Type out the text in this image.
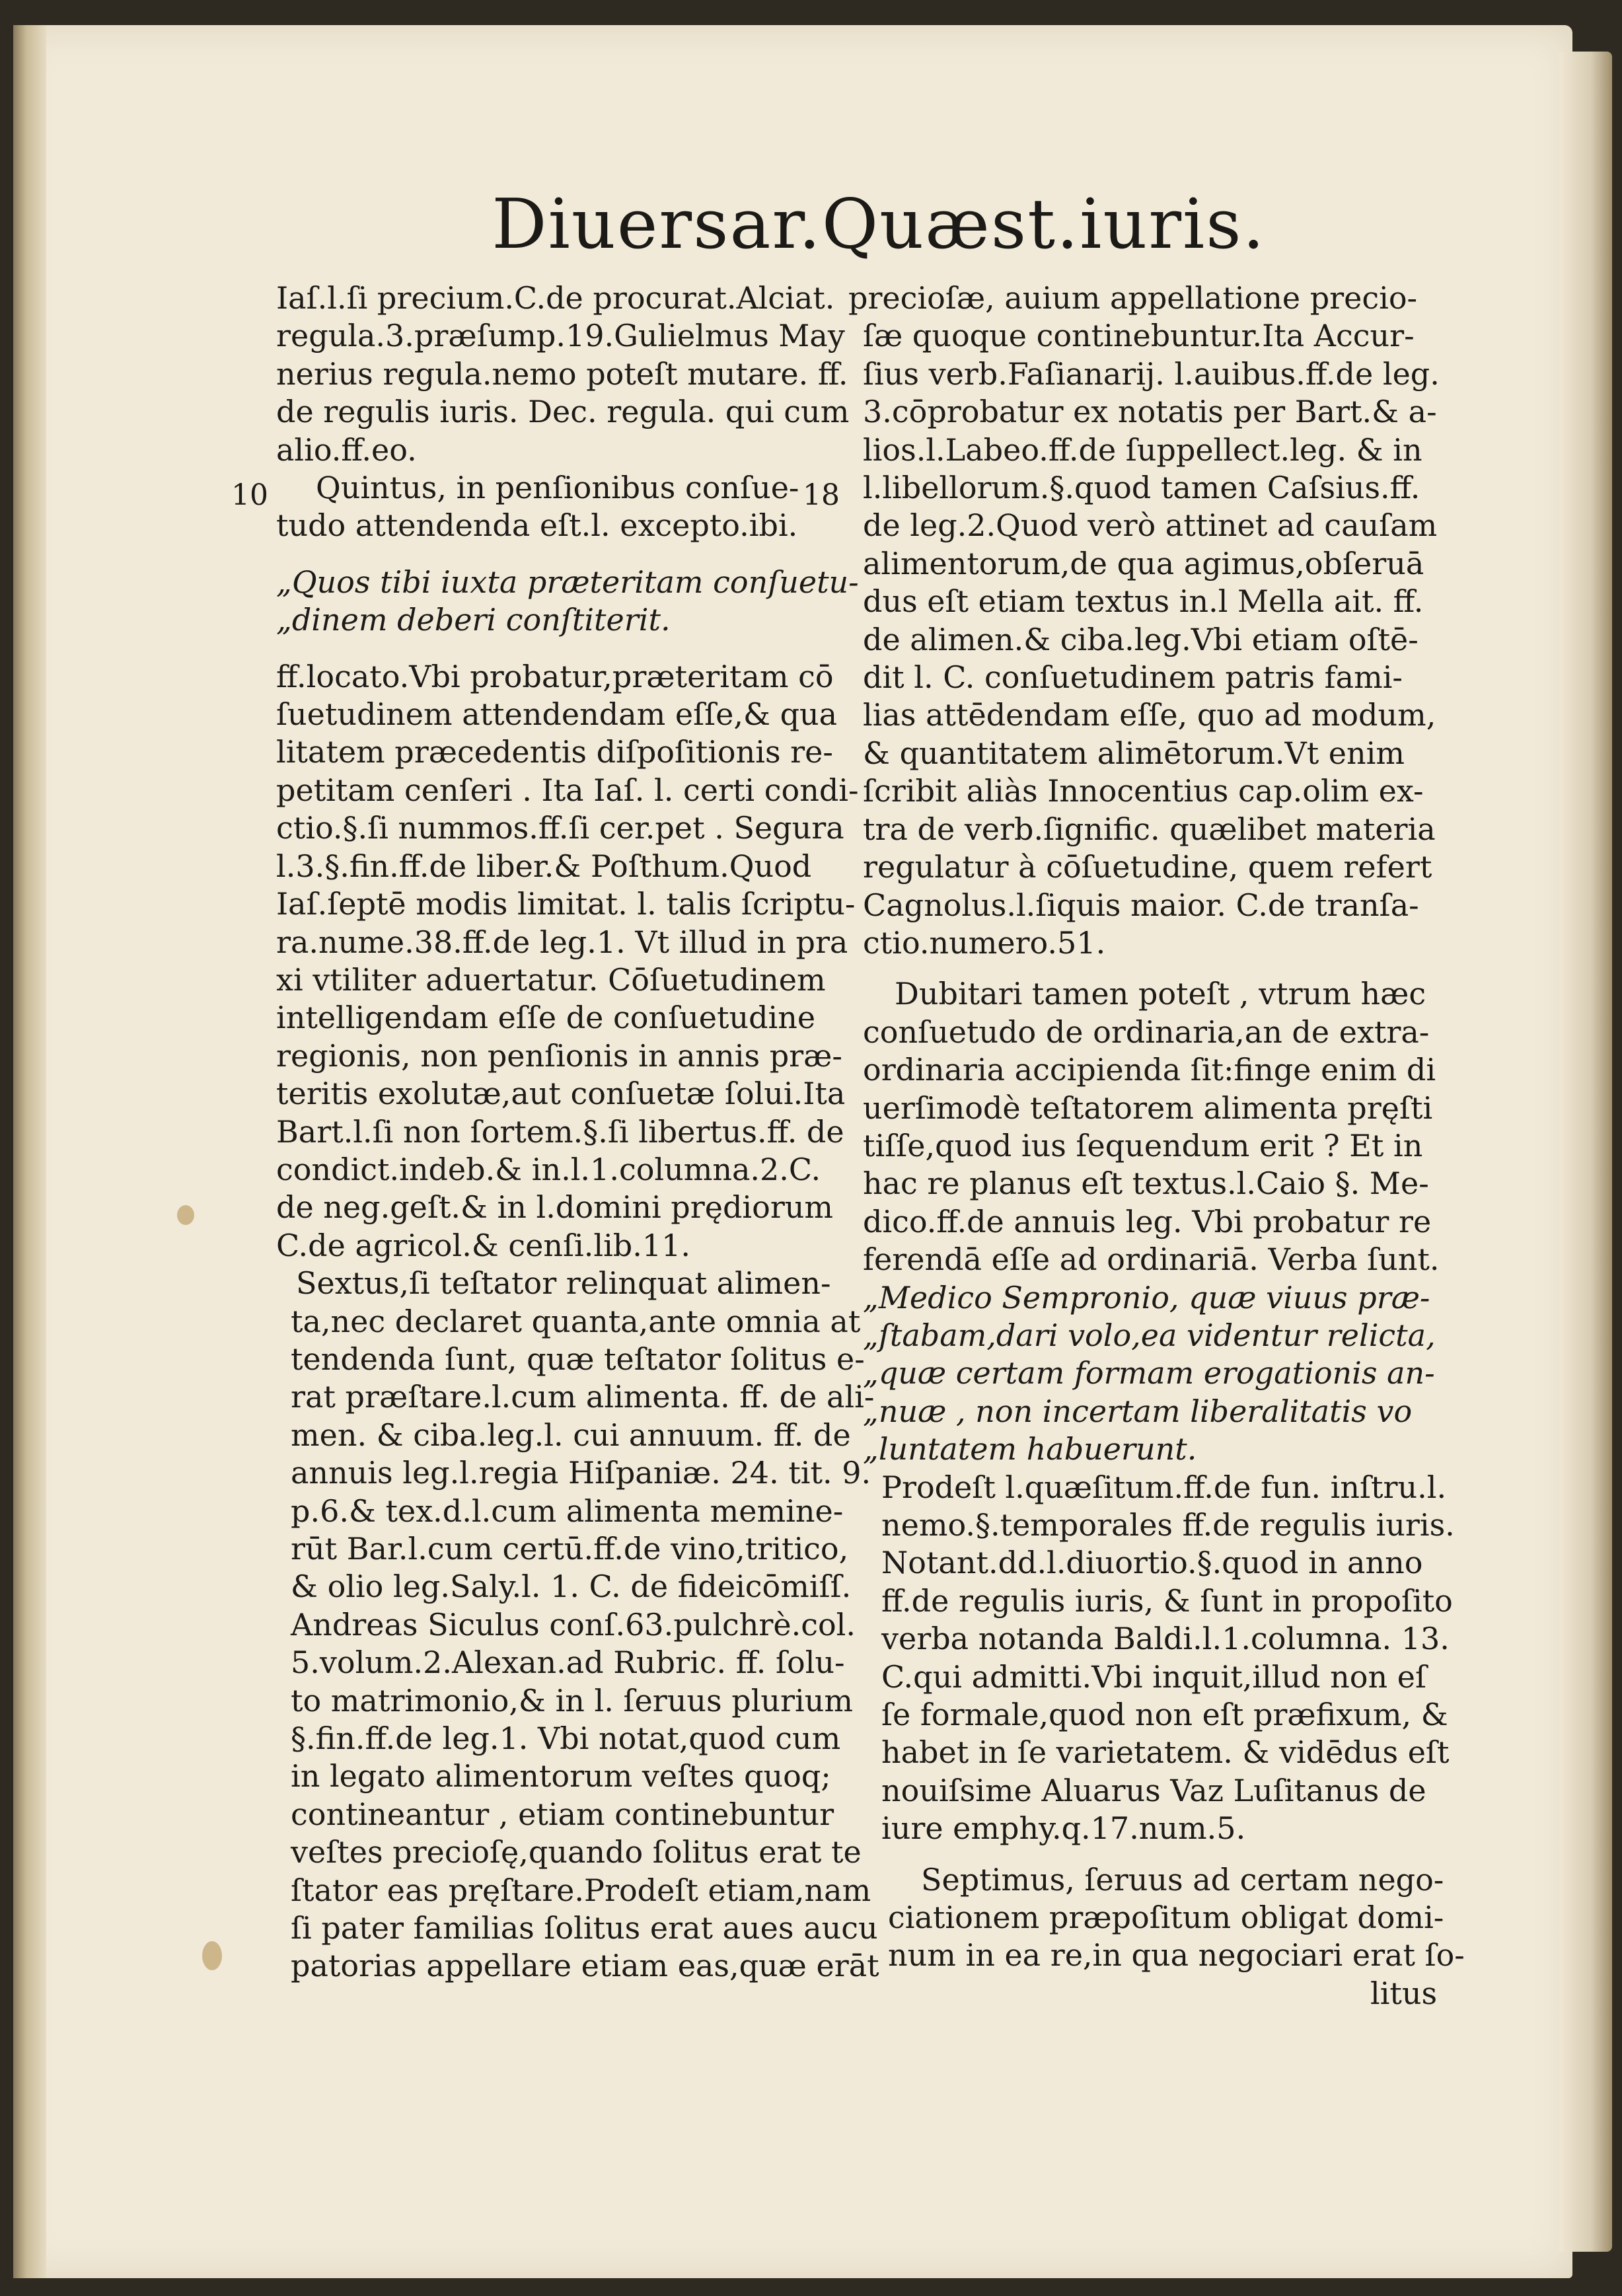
Diuersar.Quæst.iuris.
10	18
Iaſ.l.ſi precium.C.de procurat.Alciat.
regula.3.præſump.19.Gulielmus May
nerius regula.nemo poteſt mutare. ff.
de regulis iuris. Dec. regula. qui cum
alio.ff.eo.
Quintus, in penſionibus conſue-
tudo attendenda eſt.l. excepto.ibi.
„Quos tibi iuxta præteritam conſuetu-
„dinem deberi conſtiterit.
ff.locato.Vbi probatur,præteritam cō
ſuetudinem attendendam eſſe,& qua
litatem præcedentis diſpoſitionis re-
petitam cenſeri . Ita Iaſ. l. certi condi-
ctio.§.ſi nummos.ff.ſi cer.pet . Segura
l.3.§.fin.ff.de liber.& Poſthum.Quod
Iaſ.ſeptē modis limitat. l. talis ſcriptu-
ra.nume.38.ff.de leg.1. Vt illud in pra
xi vtiliter aduertatur. Cōſuetudinem
intelligendam eſſe de conſuetudine
regionis, non penſionis in annis præ-
teritis exolutæ,aut conſuetæ ſolui.Ita
Bart.l.ſi non ſortem.§.ſi libertus.ff. de
condict.indeb.& in.l.1.columna.2.C.
de neg.geſt.& in l.domini prędiorum
C.de agricol.& cenſi.lib.11.
Sextus,ſi teſtator relinquat alimen-
ta,nec declaret quanta,ante omnia at
tendenda ſunt, quæ teſtator ſolitus e-
rat præſtare.l.cum alimenta. ff. de ali-
men. & ciba.leg.l. cui annuum. ff. de
annuis leg.l.regia Hiſpaniæ. 24. tit. 9.
p.6.& tex.d.l.cum alimenta memine-
rūt Bar.l.cum certū.ff.de vino,tritico,
& olio leg.Saly.l. 1. C. de fideicōmiſſ.
Andreas Siculus conſ.63.pulchrè.col.
5.volum.2.Alexan.ad Rubric. ff. ſolu-
to matrimonio,& in l. ſeruus plurium
§.fin.ff.de leg.1. Vbi notat,quod cum
in legato alimentorum veſtes quoq;
contineantur , etiam continebuntur
veſtes precioſę,quando ſolitus erat te
ſtator eas pręſtare.Prodeſt etiam,nam
ſi pater familias ſolitus erat aues aucu
patorias appellare etiam eas,quæ erāt
precioſæ, auium appellatione precio-
ſæ quoque continebuntur.Ita Accur-
ſius verb.Faſianarij. l.auibus.ff.de leg.
3.cōprobatur ex notatis per Bart.& a-
lios.l.Labeo.ff.de ſuppellect.leg. & in
l.libellorum.§.quod tamen Caſsius.ff.
de leg.2.Quod verò attinet ad cauſam
alimentorum,de qua agimus,obſeruā
dus eſt etiam textus in.l Mella ait. ff.
de alimen.& ciba.leg.Vbi etiam oſtē-
dit l. C. conſuetudinem patris fami-
lias attēdendam eſſe, quo ad modum,
& quantitatem alimētorum.Vt enim
ſcribit aliàs Innocentius cap.olim ex-
tra de verb.ſignific. quælibet materia
regulatur à cōſuetudine, quem refert
Cagnolus.l.ſiquis maior. C.de tranſa-
ctio.numero.51.
Dubitari tamen poteſt , vtrum hæc
conſuetudo de ordinaria,an de extra-
ordinaria accipienda ſit:finge enim di
uerſimodè teſtatorem alimenta pręſti
tiſſe,quod ius ſequendum erit ? Et in
hac re planus eſt textus.l.Caio §. Me-
dico.ff.de annuis leg. Vbi probatur re
ferendā eſſe ad ordinariā. Verba ſunt.
„Medico Sempronio, quæ viuus præ-
„ſtabam,dari volo,ea videntur relicta,
„quæ certam formam erogationis an-
„nuæ , non incertam liberalitatis vo
„luntatem habuerunt.
Prodeſt l.quæſitum.ff.de fun. inſtru.l.
nemo.§.temporales ff.de regulis iuris.
Notant.dd.l.diuortio.§.quod in anno
ff.de regulis iuris, & ſunt in propoſito
verba notanda Baldi.l.1.columna. 13.
C.qui admitti.Vbi inquit,illud non eſ
ſe formale,quod non eſt præfixum, &
habet in ſe varietatem. & vidēdus eſt
nouiſsime Aluarus Vaz Luſitanus de
iure emphy.q.17.num.5.
Septimus, ſeruus ad certam nego-
ciationem præpoſitum obligat domi-
num in ea re,in qua negociari erat ſo-
litus
